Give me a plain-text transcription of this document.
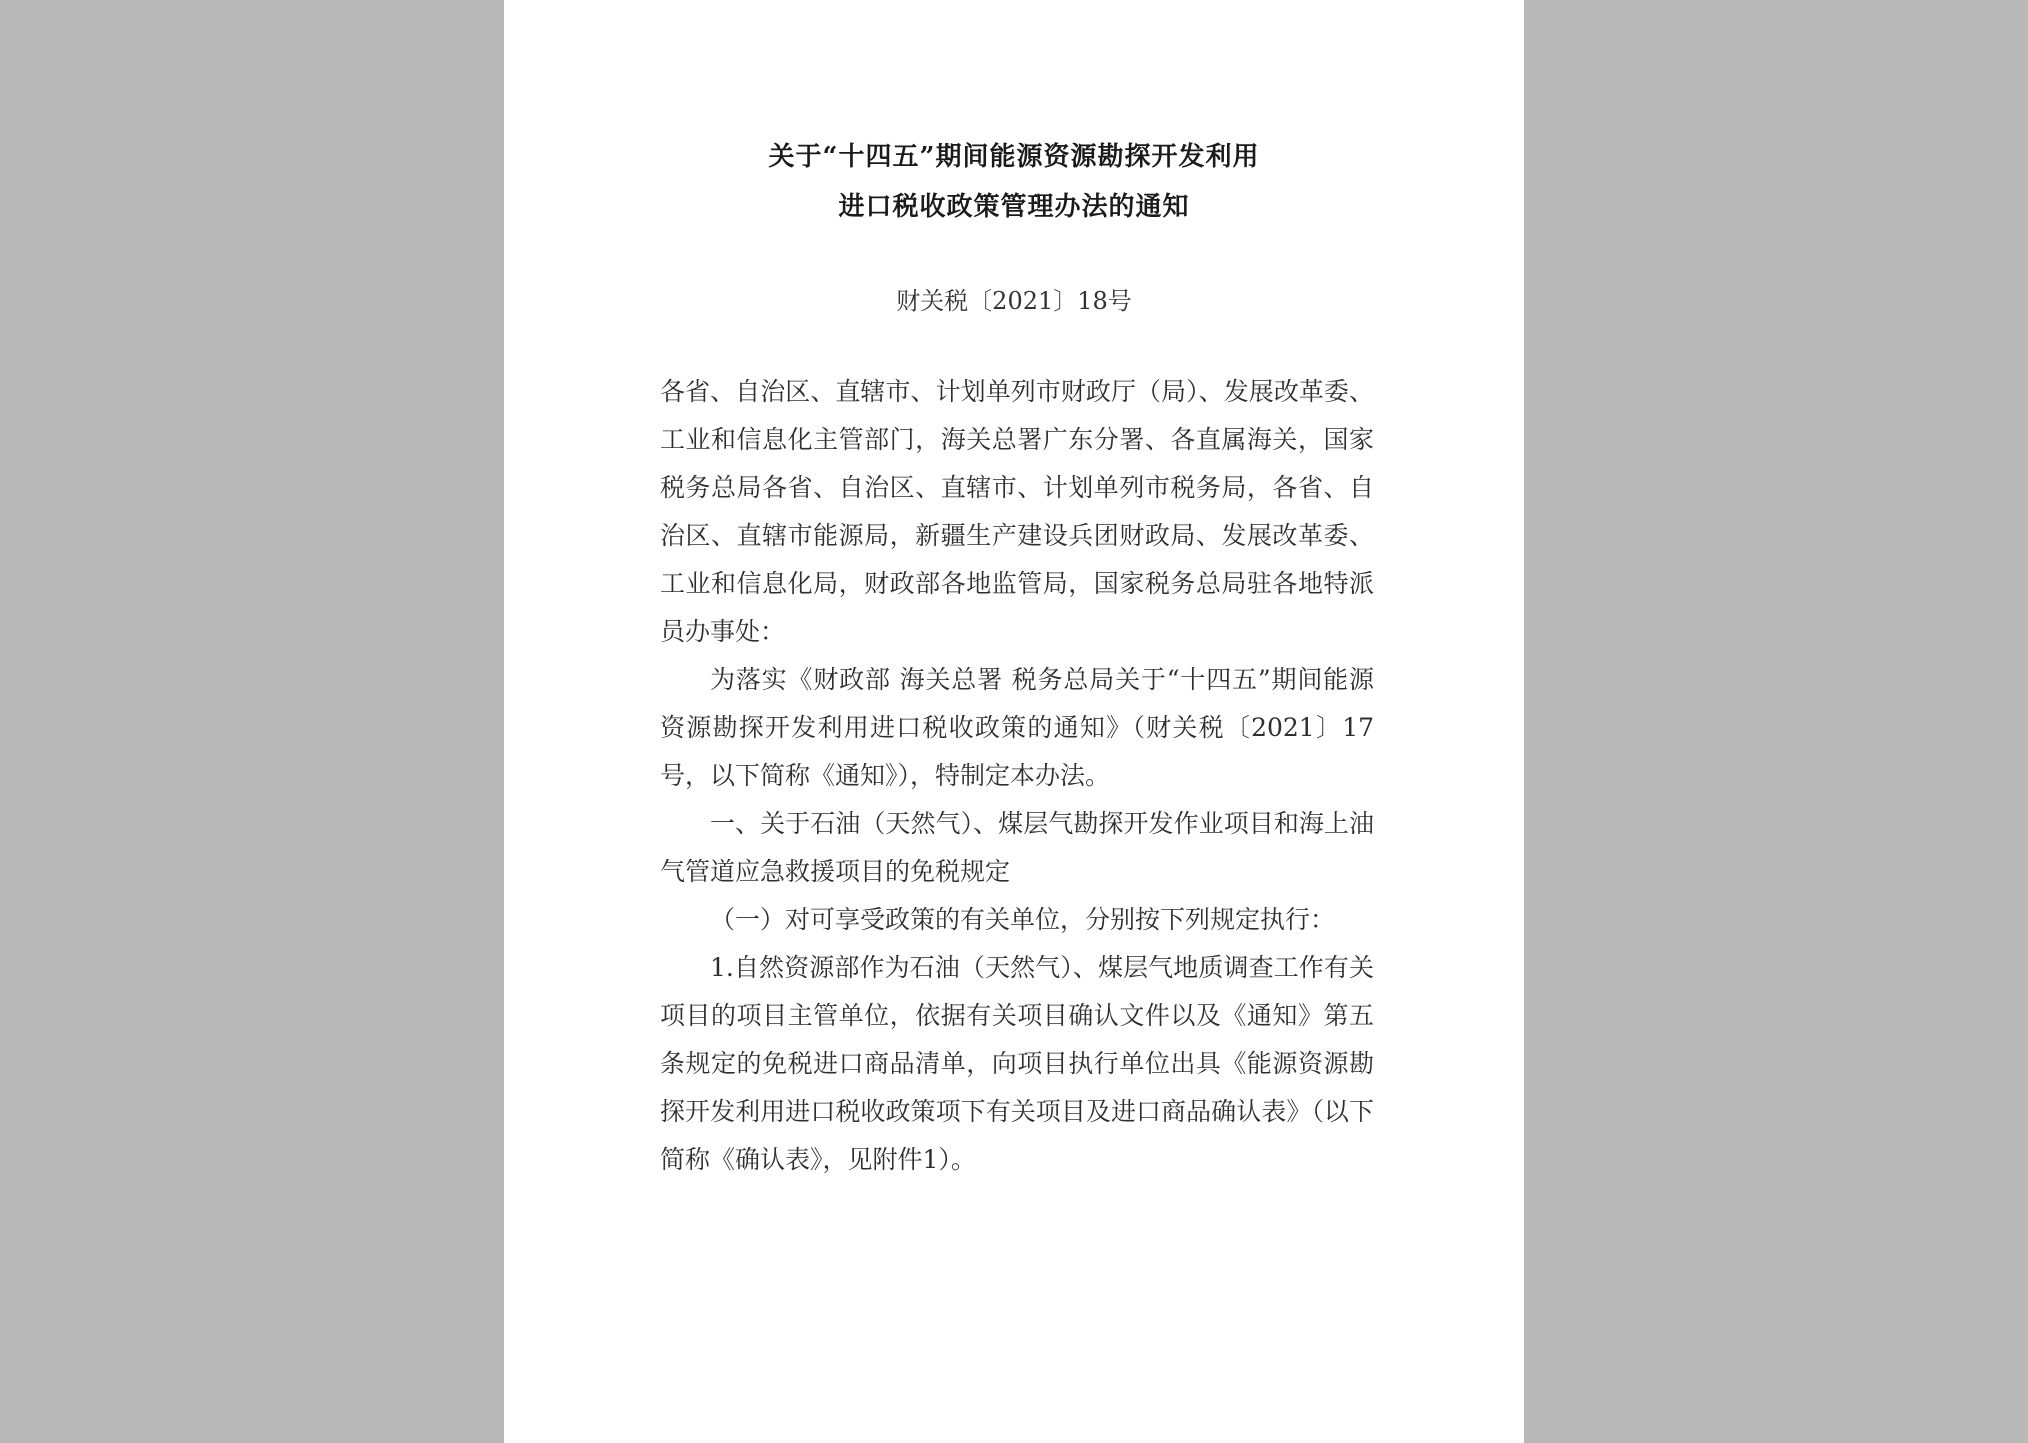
关于“十四五”期间能源资源勘探开发利用
进口税收政策管理办法的通知
财关税〔2021〕18号

各省、自治区、直辖市、计划单列市财政厅（局）、发展改革委、工业和信息化主管部门，海关总署广东分署、各直属海关，国家税务总局各省、自治区、直辖市、计划单列市税务局，各省、自治区、直辖市能源局，新疆生产建设兵团财政局、发展改革委、工业和信息化局，财政部各地监管局，国家税务总局驻各地特派员办事处：

为落实《财政部 海关总署 税务总局关于“十四五”期间能源资源勘探开发利用进口税收政策的通知》（财关税〔2021〕17号，以下简称《通知》），特制定本办法。

一、关于石油（天然气）、煤层气勘探开发作业项目和海上油气管道应急救援项目的免税规定

（一）对可享受政策的有关单位，分别按下列规定执行：

1.自然资源部作为石油（天然气）、煤层气地质调查工作有关项目的项目主管单位，依据有关项目确认文件以及《通知》第五条规定的免税进口商品清单，向项目执行单位出具《能源资源勘探开发利用进口税收政策项下有关项目及进口商品确认表》（以下简称《确认表》，见附件1）。
